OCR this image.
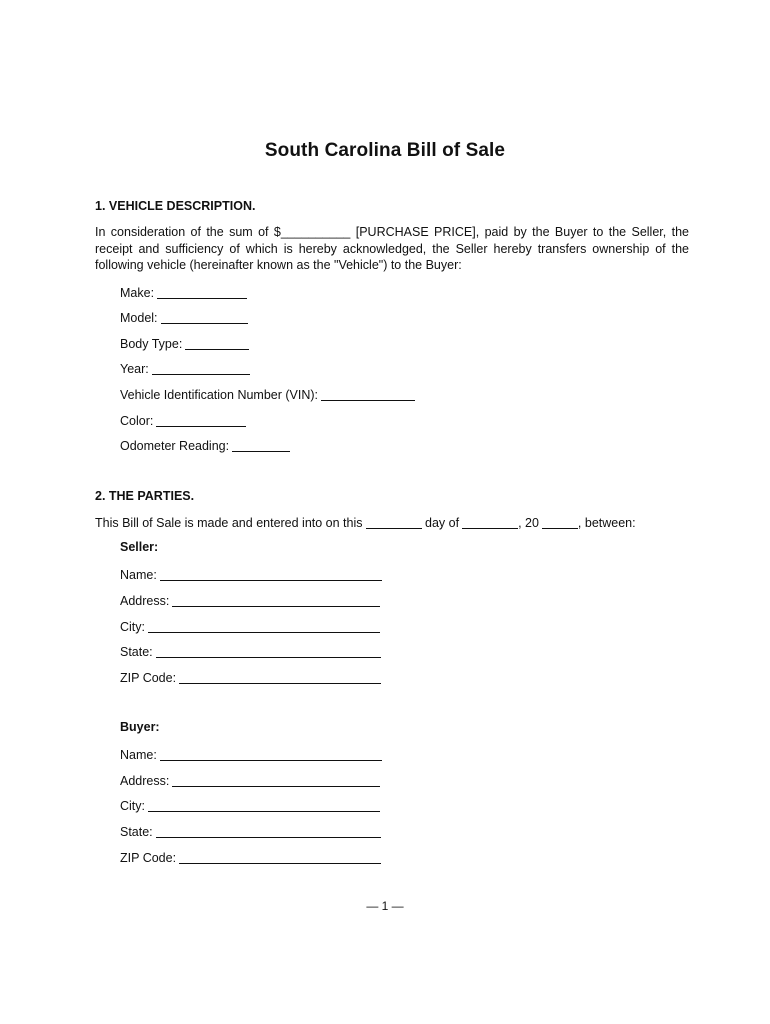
South Carolina Bill of Sale
1. VEHICLE DESCRIPTION.
In consideration of the sum of $__________ [PURCHASE PRICE], paid by the Buyer to the Seller, the receipt and sufficiency of which is hereby acknowledged, the Seller hereby transfers ownership of the following vehicle (hereinafter known as the "Vehicle") to the Buyer:
Make:
Model:
Body Type:
Year:
Vehicle Identification Number (VIN):
Color:
Odometer Reading:
2. THE PARTIES.
This Bill of Sale is made and entered into on this	day of	, 20	, between:
Seller:
Name:
Address:
City:
State:
ZIP Code:
Buyer:
Name:
Address:
City:
State:
ZIP Code:
— 1 —
